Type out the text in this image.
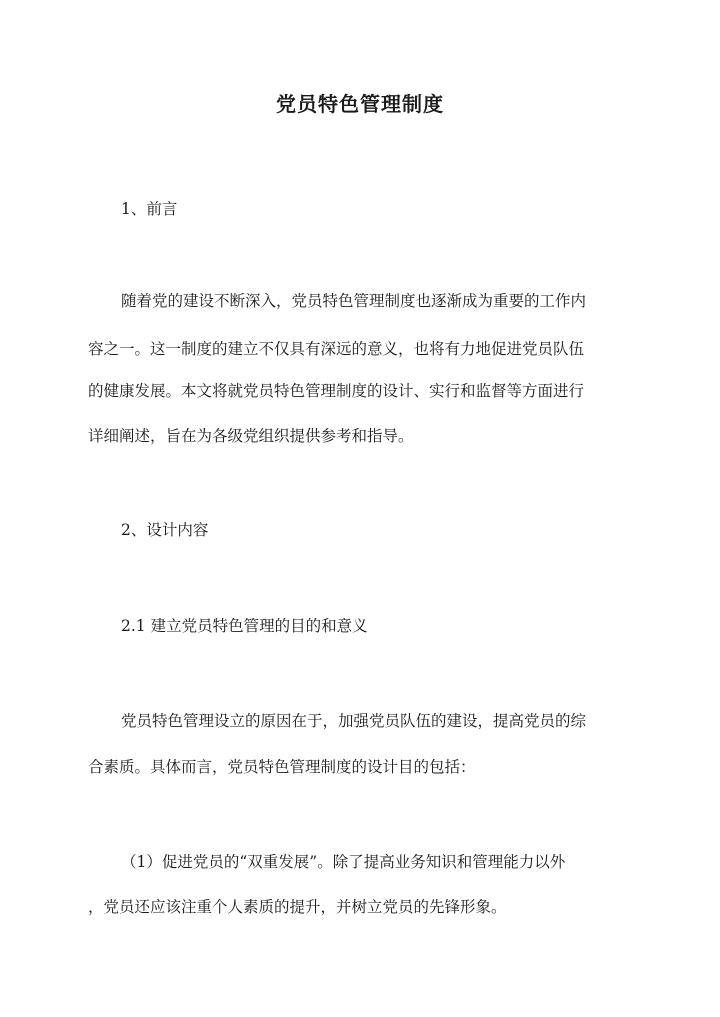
党员特色管理制度
1、前言
随着党的建设不断深入，党员特色管理制度也逐渐成为重要的工作内
容之一。这一制度的建立不仅具有深远的意义，也将有力地促进党员队伍
的健康发展。本文将就党员特色管理制度的设计、实行和监督等方面进行
详细阐述，旨在为各级党组织提供参考和指导。
2、设计内容
2.1 建立党员特色管理的目的和意义
党员特色管理设立的原因在于，加强党员队伍的建设，提高党员的综
合素质。具体而言，党员特色管理制度的设计目的包括：
（1）促进党员的“双重发展”。除了提高业务知识和管理能力以外
，党员还应该注重个人素质的提升，并树立党员的先锋形象。
